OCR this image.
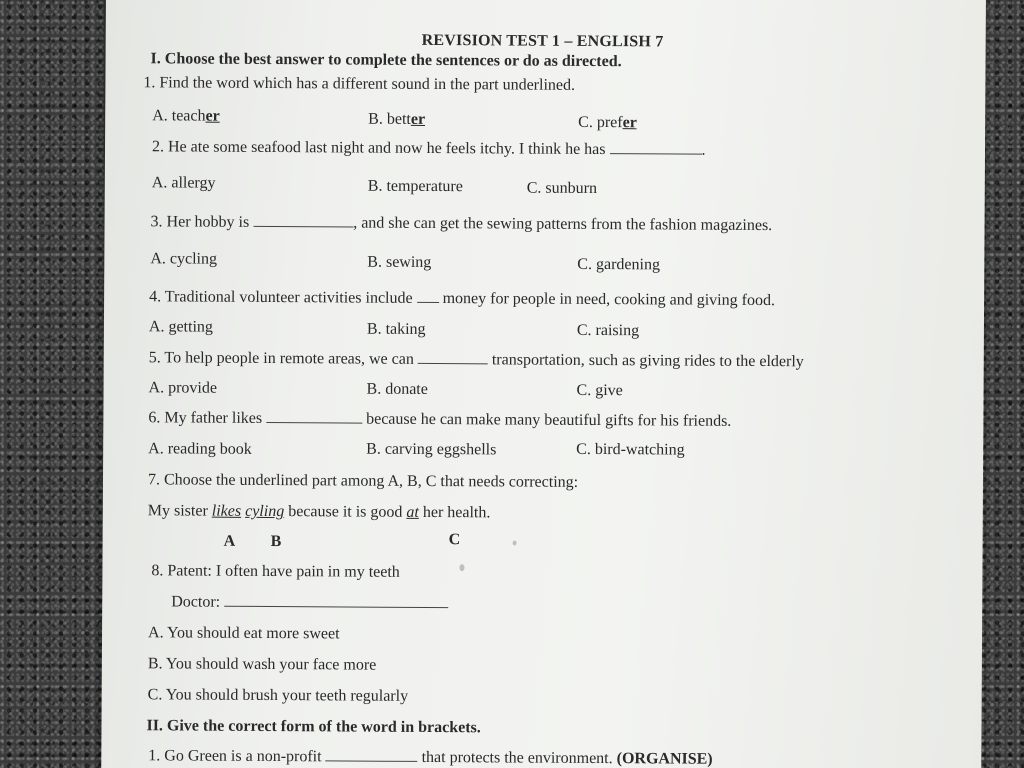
REVISION TEST 1 – ENGLISH 7
I. Choose the best answer to complete the sentences or do as directed.
1. Find the word which has a different sound in the part underlined.
A. teacher	B. better	C. prefer
2. He ate some seafood last night and now he feels itchy. I think he has	.
A. allergy	B. temperature	C. sunburn
3. Her hobby is	, and she can get the sewing patterns from the fashion magazines.
A. cycling	B. sewing	C. gardening
4. Traditional volunteer activities include money for people in need, cooking and giving food.
A. getting	B. taking	C. raising
5. To help people in remote areas, we can	transportation, such as giving rides to the elderly
A. provide	B. donate	C. give
6. My father likes	because he can make many beautiful gifts for his friends.
A. reading book	B. carving eggshells	C. bird-watching
7. Choose the underlined part among A, B, C that needs correcting:
My sister likes cyling because it is good at her health.
A B	C
8. Patent: I often have pain in my teeth
Doctor:
A. You should eat more sweet
B. You should wash your face more
C. You should brush your teeth regularly
II. Give the correct form of the word in brackets.
1. Go Green is a non-profit	that protects the environment. (ORGANISE)
